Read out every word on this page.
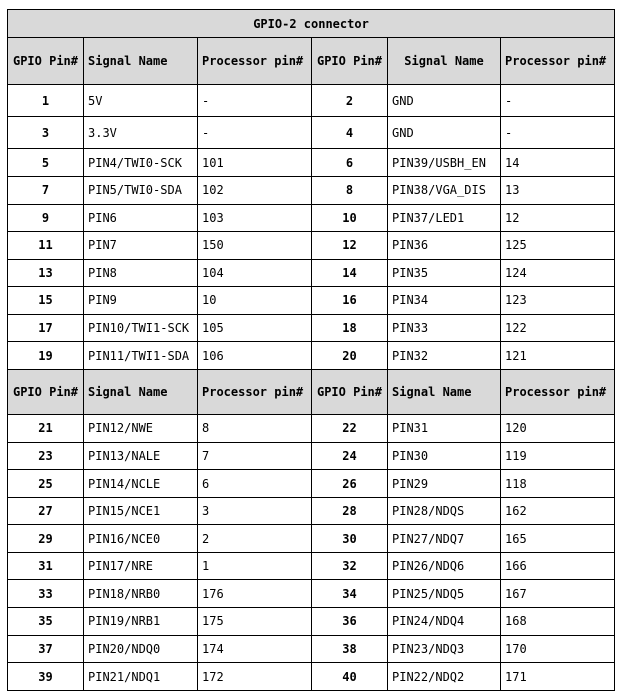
GPIO-2 connector					
GPIO Pin#	Signal Name	Processor pin#	GPIO Pin#	Signal Name	Processor pin#
1	5V	-	2	GND	-
3	3.3V	-	4	GND	-
5	PIN4/TWI0-SCK	101	6	PIN39/USBH_EN	14
7	PIN5/TWI0-SDA	102	8	PIN38/VGA_DIS	13
9	PIN6	103	10	PIN37/LED1	12
11	PIN7	150	12	PIN36	125
13	PIN8	104	14	PIN35	124
15	PIN9	10	16	PIN34	123
17	PIN10/TWI1-SCK	105	18	PIN33	122
19	PIN11/TWI1-SDA	106	20	PIN32	121
GPIO Pin#	Signal Name	Processor pin#	GPIO Pin#	Signal Name	Processor pin#
21	PIN12/NWE	8	22	PIN31	120
23	PIN13/NALE	7	24	PIN30	119
25	PIN14/NCLE	6	26	PIN29	118
27	PIN15/NCE1	3	28	PIN28/NDQS	162
29	PIN16/NCE0	2	30	PIN27/NDQ7	165
31	PIN17/NRE	1	32	PIN26/NDQ6	166
33	PIN18/NRB0	176	34	PIN25/NDQ5	167
35	PIN19/NRB1	175	36	PIN24/NDQ4	168
37	PIN20/NDQ0	174	38	PIN23/NDQ3	170
39	PIN21/NDQ1	172	40	PIN22/NDQ2	171
